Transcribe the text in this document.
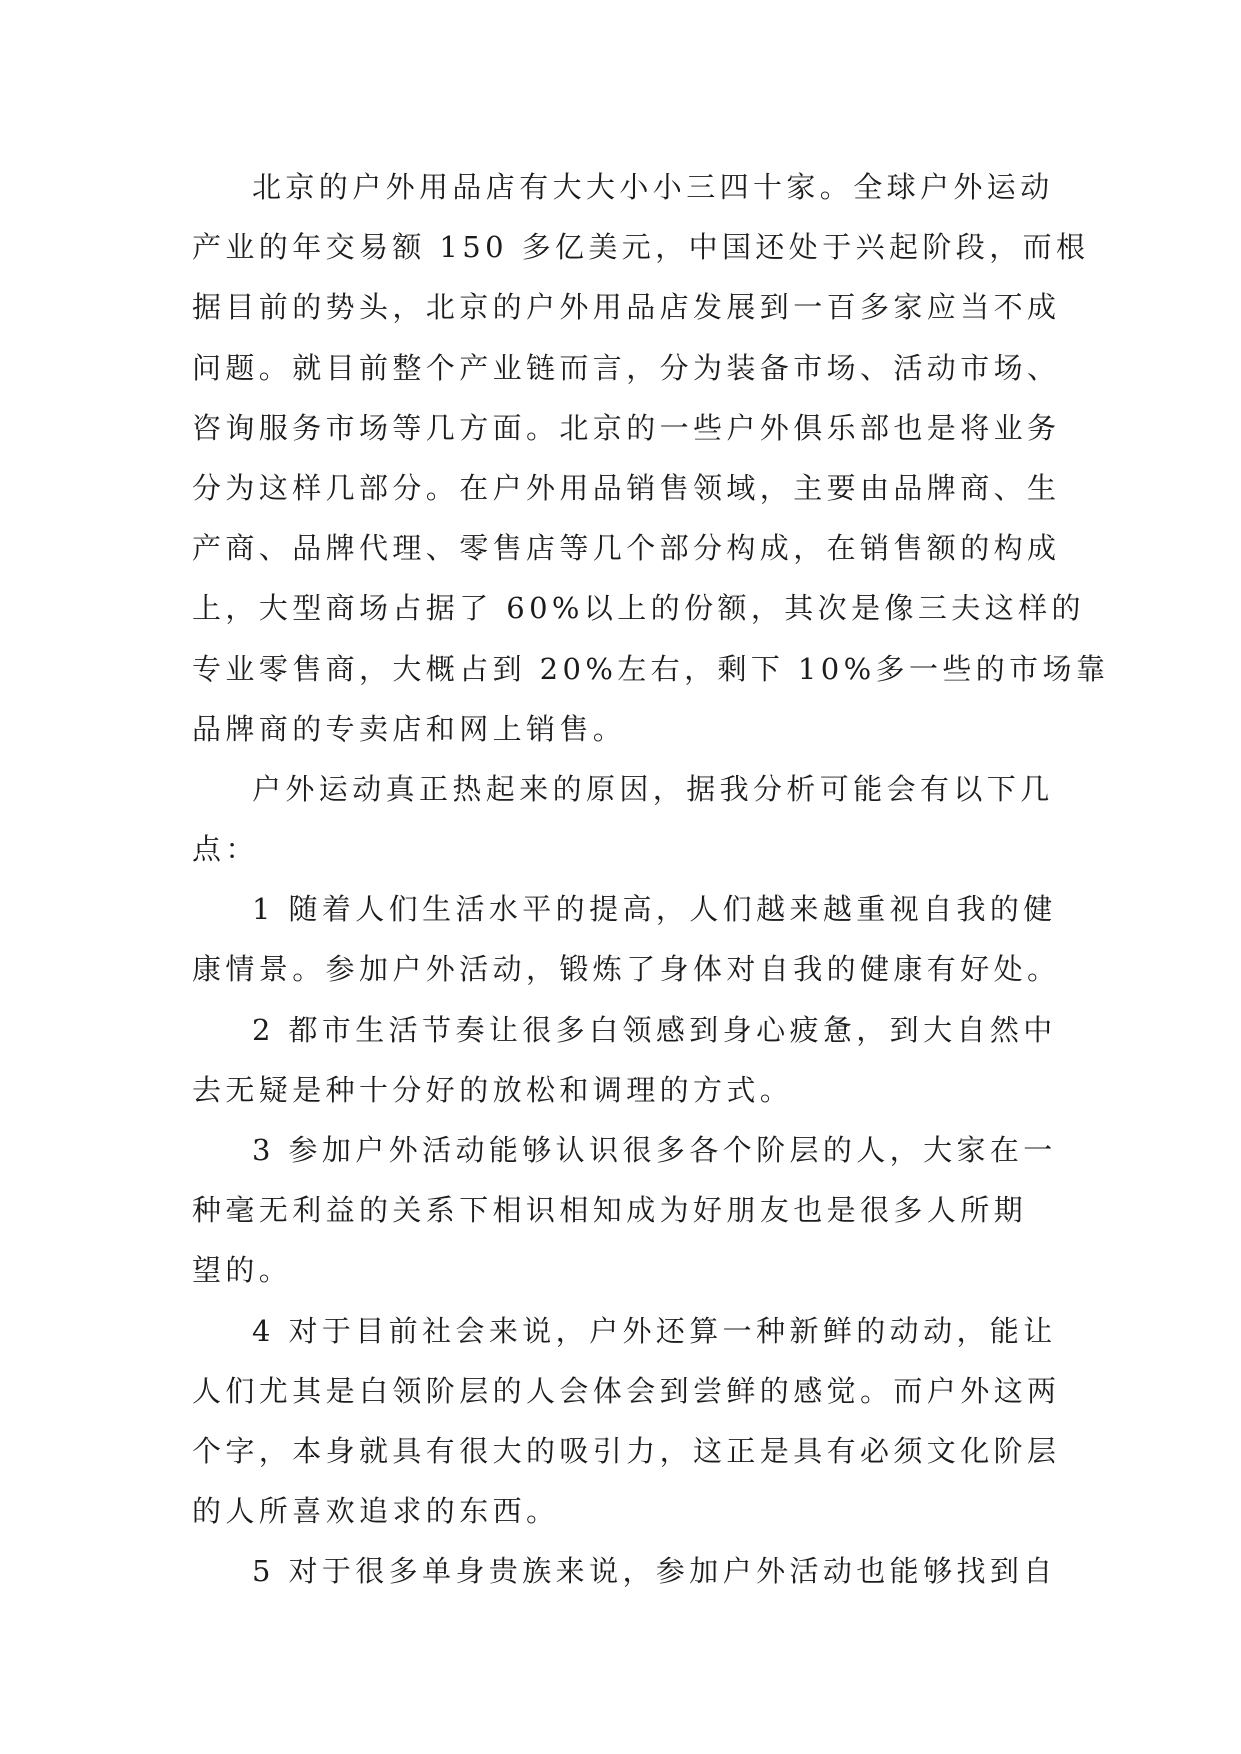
北京的户外用品店有大大小小三四十家。全球户外运动
产业的年交易额 150 多亿美元，中国还处于兴起阶段，而根
据目前的势头，北京的户外用品店发展到一百多家应当不成
问题。就目前整个产业链而言，分为装备市场、活动市场、
咨询服务市场等几方面。北京的一些户外俱乐部也是将业务
分为这样几部分。在户外用品销售领域，主要由品牌商、生
产商、品牌代理、零售店等几个部分构成，在销售额的构成
上，大型商场占据了 60%以上的份额，其次是像三夫这样的
专业零售商，大概占到 20%左右，剩下 10%多一些的市场靠
品牌商的专卖店和网上销售。
户外运动真正热起来的原因，据我分析可能会有以下几
点：
1 随着人们生活水平的提高，人们越来越重视自我的健
康情景。参加户外活动，锻炼了身体对自我的健康有好处。
2 都市生活节奏让很多白领感到身心疲惫，到大自然中
去无疑是种十分好的放松和调理的方式。
3 参加户外活动能够认识很多各个阶层的人，大家在一
种毫无利益的关系下相识相知成为好朋友也是很多人所期
望的。
4 对于目前社会来说，户外还算一种新鲜的动动，能让
人们尤其是白领阶层的人会体会到尝鲜的感觉。而户外这两
个字，本身就具有很大的吸引力，这正是具有必须文化阶层
的人所喜欢追求的东西。
5 对于很多单身贵族来说，参加户外活动也能够找到自
